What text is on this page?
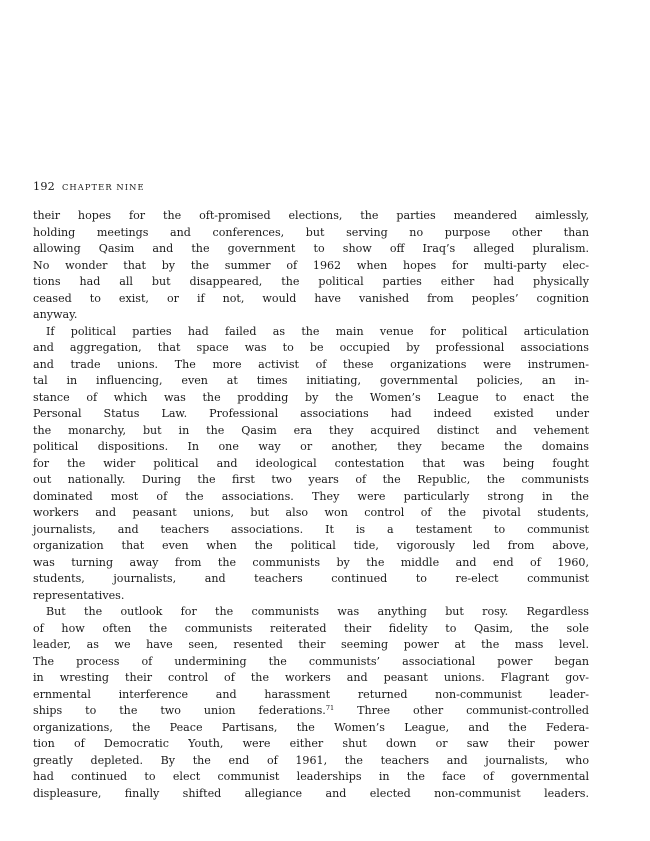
192 CHAPTER NINE
their hopes for the oft-promised elections, the parties meandered aimlessly,
holding meetings and conferences, but serving no purpose other than
allowing Qasim and the government to show off Iraq’s alleged pluralism.
No wonder that by the summer of 1962 when hopes for multi-party elec-
tions had all but disappeared, the political parties either had physically
ceased to exist, or if not, would have vanished from peoples’ cognition
anyway.
If political parties had failed as the main venue for political articulation
and aggregation, that space was to be occupied by professional associations
and trade unions. The more activist of these organizations were instrumen-
tal in influencing, even at times initiating, governmental policies, an in-
stance of which was the prodding by the Women’s League to enact the
Personal Status Law. Professional associations had indeed existed under
the monarchy, but in the Qasim era they acquired distinct and vehement
political dispositions. In one way or another, they became the domains
for the wider political and ideological contestation that was being fought
out nationally. During the first two years of the Republic, the communists
dominated most of the associations. They were particularly strong in the
workers and peasant unions, but also won control of the pivotal students,
journalists, and teachers associations. It is a testament to communist
organization that even when the political tide, vigorously led from above,
was turning away from the communists by the middle and end of 1960,
students, journalists, and teachers continued to re-elect communist
representatives.
But the outlook for the communists was anything but rosy. Regardless
of how often the communists reiterated their fidelity to Qasim, the sole
leader, as we have seen, resented their seeming power at the mass level.
The process of undermining the communists’ associational power began
in wresting their control of the workers and peasant unions. Flagrant gov-
ernmental interference and harassment returned non-communist leader-
ships to the two union federations.$^{71}$ Three other communist-controlled
organizations, the Peace Partisans, the Women’s League, and the Federa-
tion of Democratic Youth, were either shut down or saw their power
greatly depleted. By the end of 1961, the teachers and journalists, who
had continued to elect communist leaderships in the face of governmental
displeasure, finally shifted allegiance and elected non-communist leaders.
